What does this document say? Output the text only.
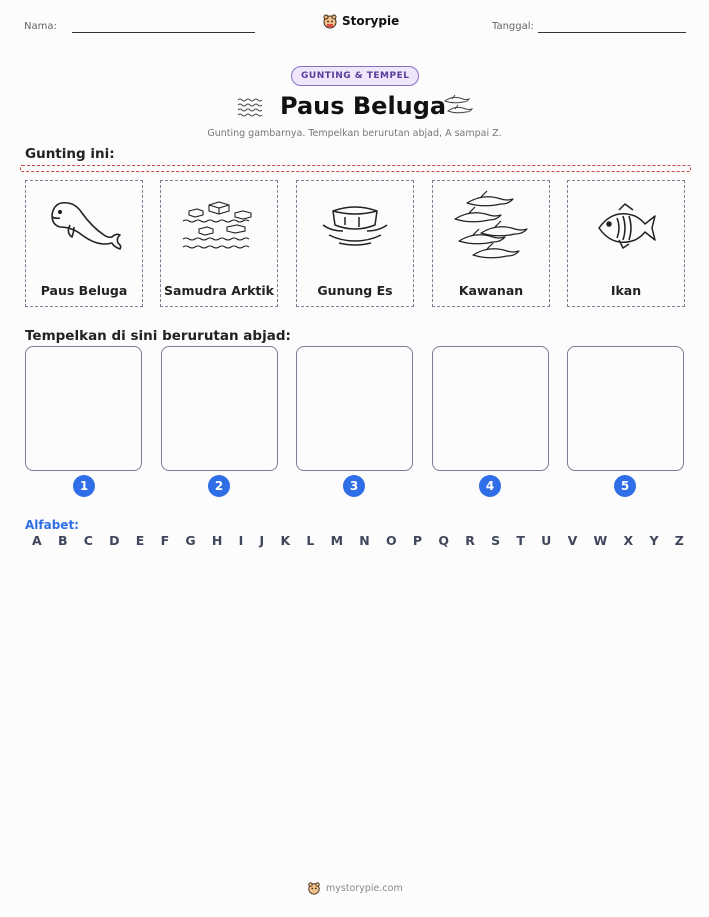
Nama:	Storypie	Tanggal:
GUNTING & TEMPEL
Paus Beluga
Gunting gambarnya. Tempelkan berurutan abjad, A sampai Z.
Gunting ini:
Paus Beluga	Samudra Arktik	Gunung Es	Kawanan	Ikan
Tempelkan di sini berurutan abjad:
1	2	3	4	5
Alfabet:
A B C D E F G H I J K L M N O P Q R S T U V W X Y Z
mystorypie.com
